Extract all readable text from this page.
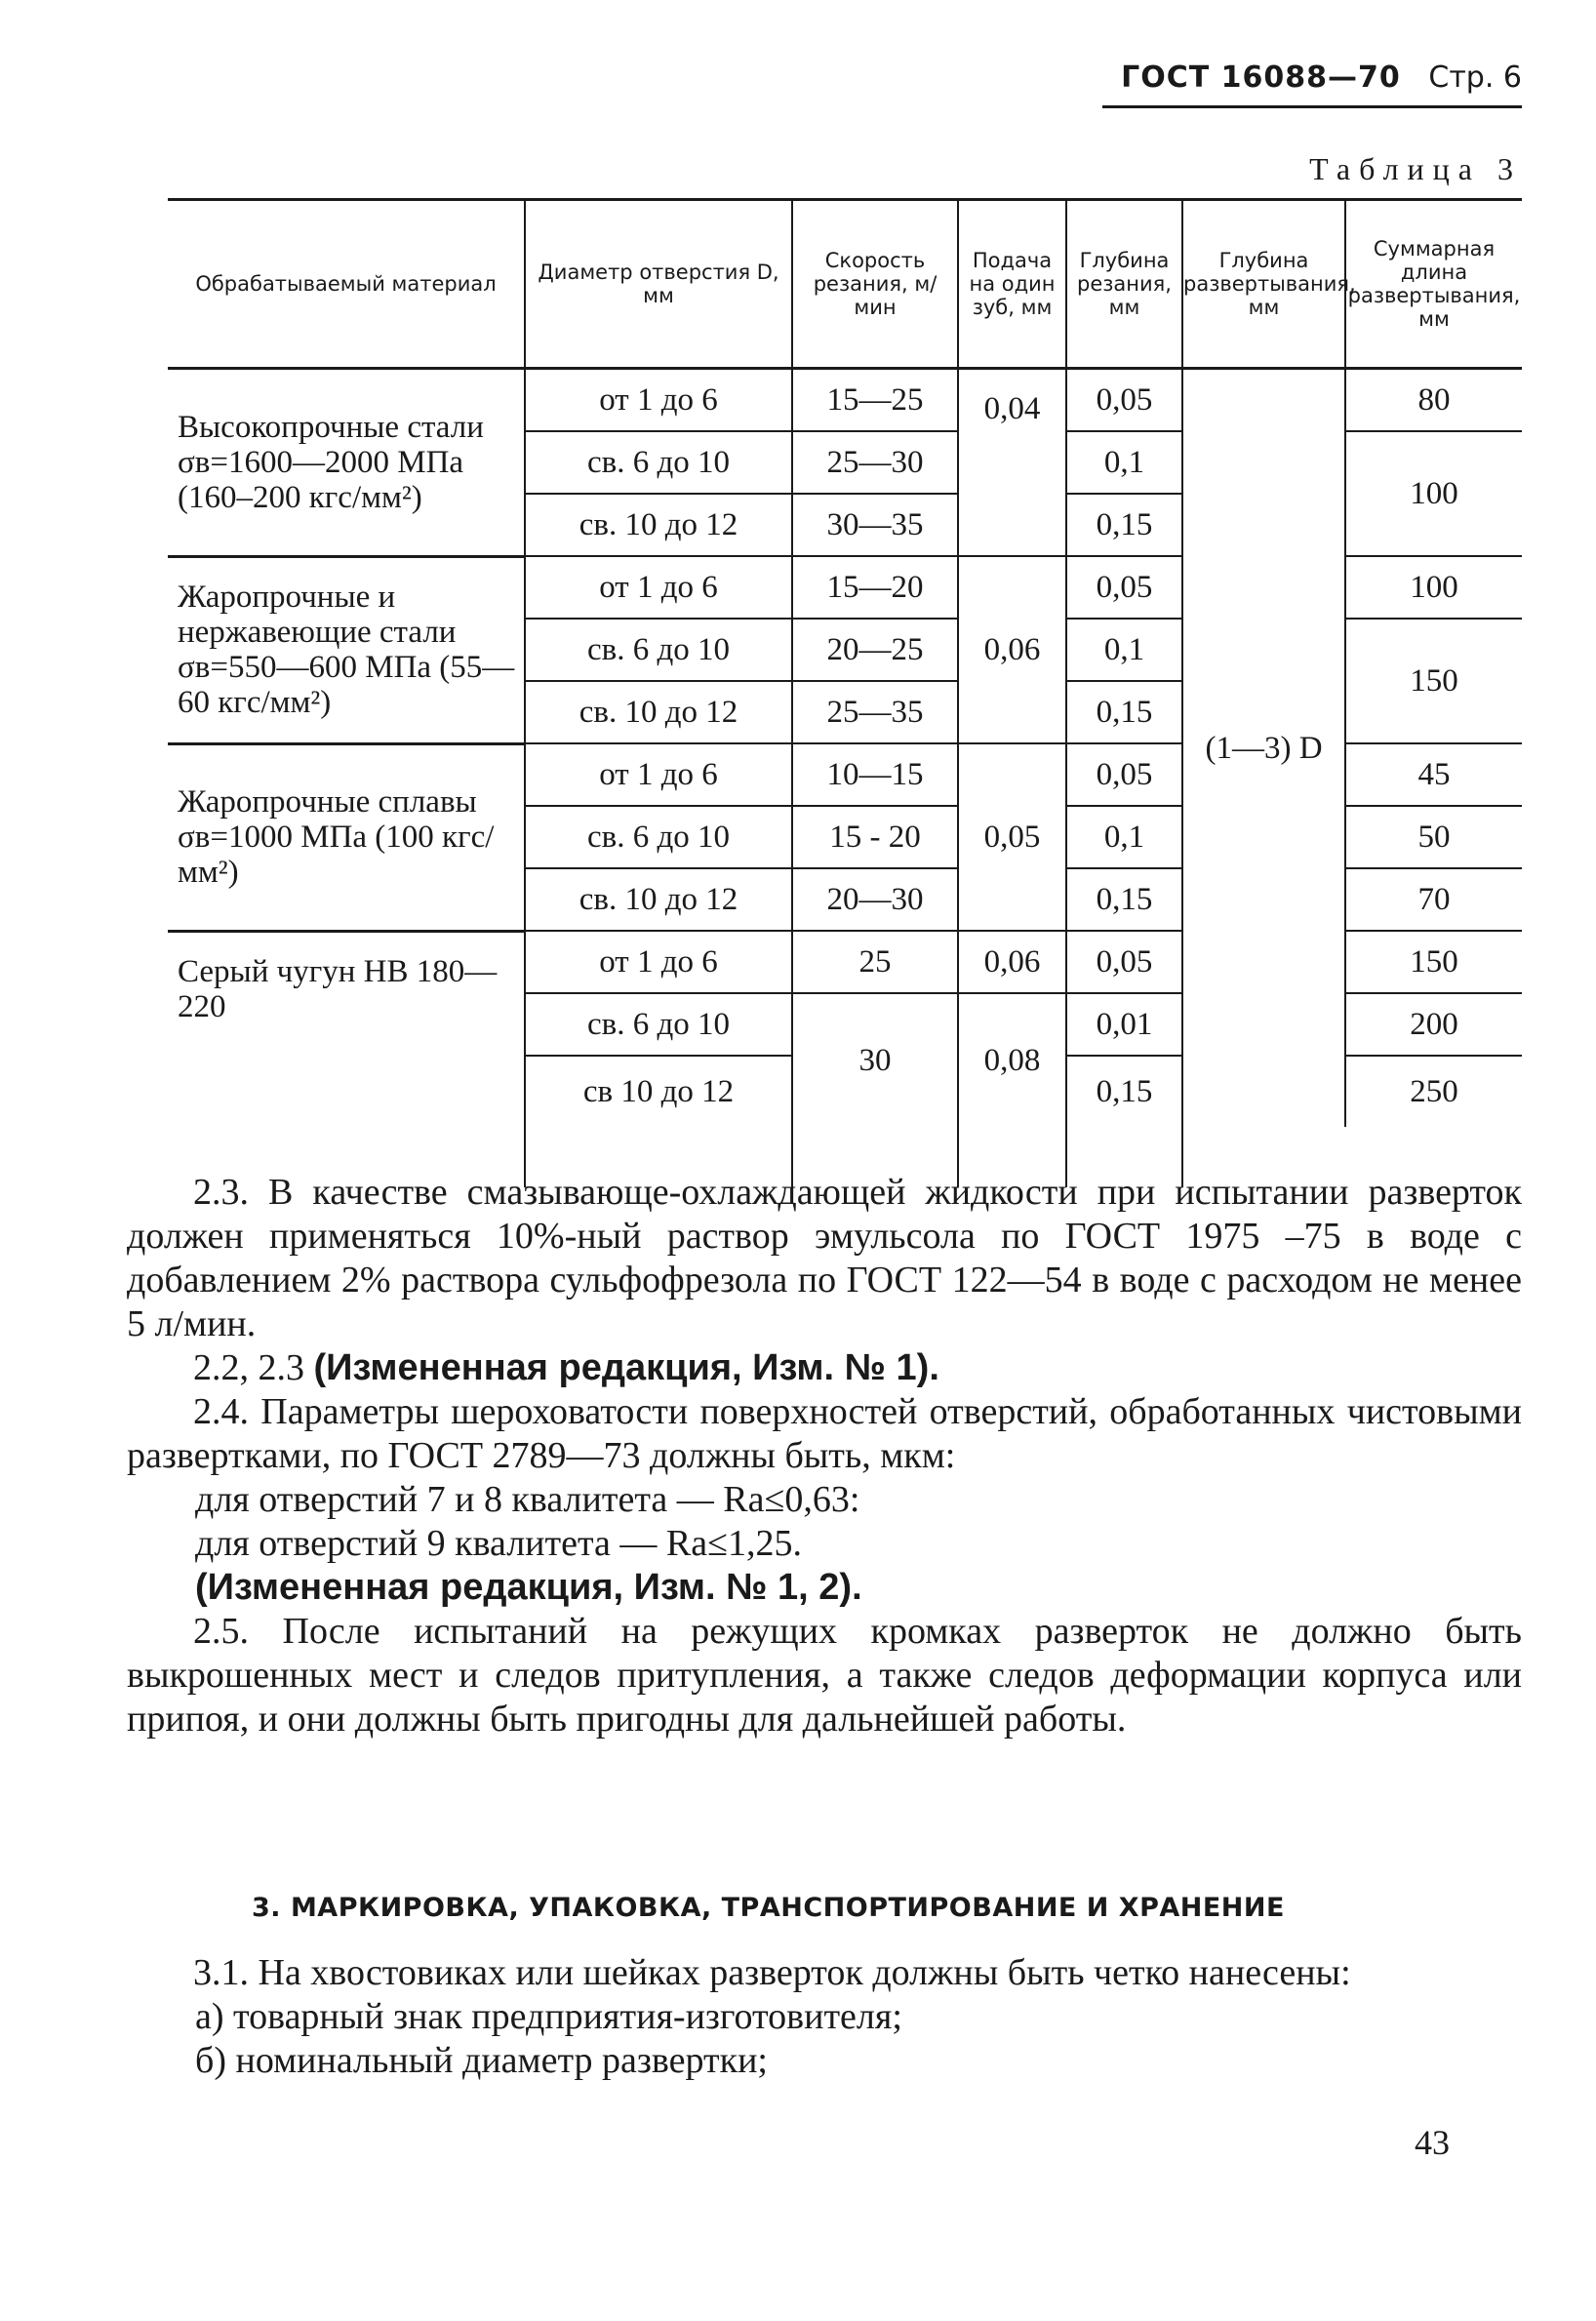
ГОСТ 16088—70 Стр. 6
Таблица 3
Обрабатываемый материал	Диаметр отверстия D, мм	Скорость резания, м/мин	Подача на один зуб, мм	Глубина резания, мм	Глубина развертывания, мм	Суммарная длина развертывания, мм
Высокопрочные стали σв=1600—2000 МПа (160–200 кгс/мм²)	от 1 до 6	15—25	0,04	0,05	(1—3) D	80
	св. 6 до 10	25—30		0,1		100
	св. 10 до 12	30—35		0,15		
Жаропрочные и нержавеющие стали σв=550—600 МПа (55—60 кгс/мм²)	от 1 до 6	15—20	0,06	0,05		100
	св. 6 до 10	20—25		0,1		150
	св. 10 до 12	25—35		0,15		
Жаропрочные сплавы σв=1000 МПа (100 кгс/мм²)	от 1 до 6	10—15	0,05	0,05		45
	св. 6 до 10	15 - 20		0,1		50
	св. 10 до 12	20—30		0,15		70
Серый чугун НВ 180—220	от 1 до 6	25	0,06	0,05		150
	св. 6 до 10	30	0,08	0,01		200
	св 10 до 12			0,15		250

2.3. В качестве смазывающе-охлаждающей жидкости при испытании разверток должен применяться 10%-ный раствор эмульсола по ГОСТ 1975 –75 в воде с добавлением 2% раствора сульфофрезола по ГОСТ 122—54 в воде с расходом не менее 5 л/мин.

2.2, 2.3 (Измененная редакция, Изм. № 1).

2.4. Параметры шероховатости поверхностей отверстий, обработанных чистовыми развертками, по ГОСТ 2789—73 должны быть, мкм:

для отверстий 7 и 8 квалитета — Ra≤0,63:

для отверстий 9 квалитета — Ra≤1,25.

(Измененная редакция, Изм. № 1, 2).

2.5. После испытаний на режущих кромках разверток не должно быть выкрошенных мест и следов притупления, а также следов деформации корпуса или припоя, и они должны быть пригодны для дальнейшей работы.

3. МАРКИРОВКА, УПАКОВКА, ТРАНСПОРТИРОВАНИЕ И ХРАНЕНИЕ

3.1. На хвостовиках или шейках разверток должны быть четко нанесены:

а) товарный знак предприятия-изготовителя;

б) номинальный диаметр развертки;

43
